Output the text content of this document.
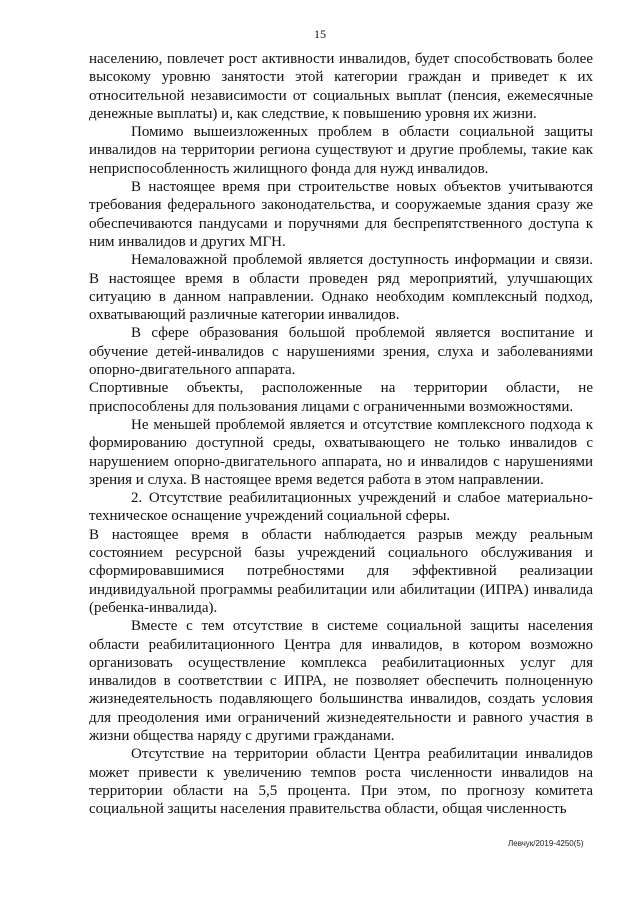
15

населению, повлечет рост активности инвалидов, будет способствовать более высокому уровню занятости этой категории граждан и приведет к их относительной независимости от социальных выплат (пенсия, ежемесячные денежные выплаты) и, как следствие, к повышению уровня их жизни.

Помимо вышеизложенных проблем в области социальной защиты инвалидов на территории региона существуют и другие проблемы, такие как неприспособленность жилищного фонда для нужд инвалидов.

В настоящее время при строительстве новых объектов учитываются требования федерального законодательства, и сооружаемые здания сразу же обеспечиваются пандусами и поручнями для беспрепятственного доступа к ним инвалидов и других МГН.

Немаловажной проблемой является доступность информации и связи. В настоящее время в области проведен ряд мероприятий, улучшающих ситуацию в данном направлении. Однако необходим комплексный подход, охватывающий различные категории инвалидов.

В сфере образования большой проблемой является воспитание и обучение детей-инвалидов с нарушениями зрения, слуха и заболеваниями опорно-двигательного аппарата.

Спортивные объекты, расположенные на территории области, не приспособлены для пользования лицами с ограниченными возможностями.

Не меньшей проблемой является и отсутствие комплексного подхода к формированию доступной среды, охватывающего не только инвалидов с нарушением опорно-двигательного аппарата, но и инвалидов с нарушениями зрения и слуха. В настоящее время ведется работа в этом направлении.

2. Отсутствие реабилитационных учреждений и слабое материально-техническое оснащение учреждений социальной сферы.

В настоящее время в области наблюдается разрыв между реальным состоянием ресурсной базы учреждений социального обслуживания и сформировавшимися потребностями для эффективной реализации индивидуальной программы реабилитации или абилитации (ИПРА) инвалида (ребенка-инвалида).

Вместе с тем отсутствие в системе социальной защиты населения области реабилитационного Центра для инвалидов, в котором возможно организовать осуществление комплекса реабилитационных услуг для инвалидов в соответствии с ИПРА, не позволяет обеспечить полноценную жизнедеятельность подавляющего большинства инвалидов, создать условия для преодоления ими ограничений жизнедеятельности и равного участия в жизни общества наряду с другими гражданами.

Отсутствие на территории области Центра реабилитации инвалидов может привести к увеличению темпов роста численности инвалидов на территории области на 5,5 процента. При этом, по прогнозу комитета социальной защиты населения правительства области, общая численность

Левчук/2019-4250(5)
